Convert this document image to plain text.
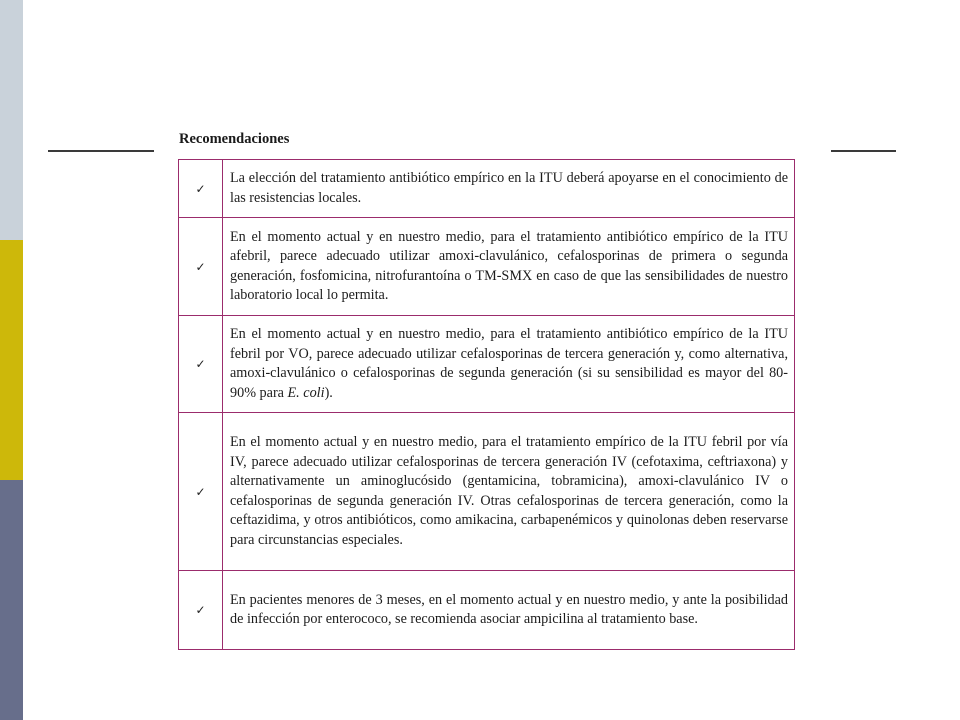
Recomendaciones
✓	La elección del tratamiento antibiótico empírico en la ITU deberá apoyarse en el conocimiento de las resistencias locales.
✓	En el momento actual y en nuestro medio, para el tratamiento antibiótico empírico de la ITU afebril, parece adecuado utilizar amoxi-clavulánico, cefalosporinas de primera o segunda generación, fosfomicina, nitrofurantoína o TM-SMX en caso de que las sensibilidades de nuestro laboratorio local lo permita.
✓	En el momento actual y en nuestro medio, para el tratamiento antibiótico empírico de la ITU febril por VO, parece adecuado utilizar cefalosporinas de tercera generación y, como alternativa, amoxi-clavulánico o cefalosporinas de segunda generación (si su sensibilidad es mayor del 80-90% para E. coli).
✓	En el momento actual y en nuestro medio, para el tratamiento empírico de la ITU febril por vía IV, parece adecuado utilizar cefalosporinas de tercera generación IV (cefotaxima, ceftriaxona) y alternativamente un aminoglucósido (gentamicina, tobramicina), amoxi-clavulánico IV o cefalosporinas de segunda generación IV. Otras cefalosporinas de tercera generación, como la ceftazidima, y otros antibióticos, como amikacina, carbapenémicos y quinolonas deben reservarse para circunstancias especiales.
✓	En pacientes menores de 3 meses, en el momento actual y en nuestro medio, y ante la posibilidad de infección por enterococo, se recomienda asociar ampicilina al tratamiento base.
